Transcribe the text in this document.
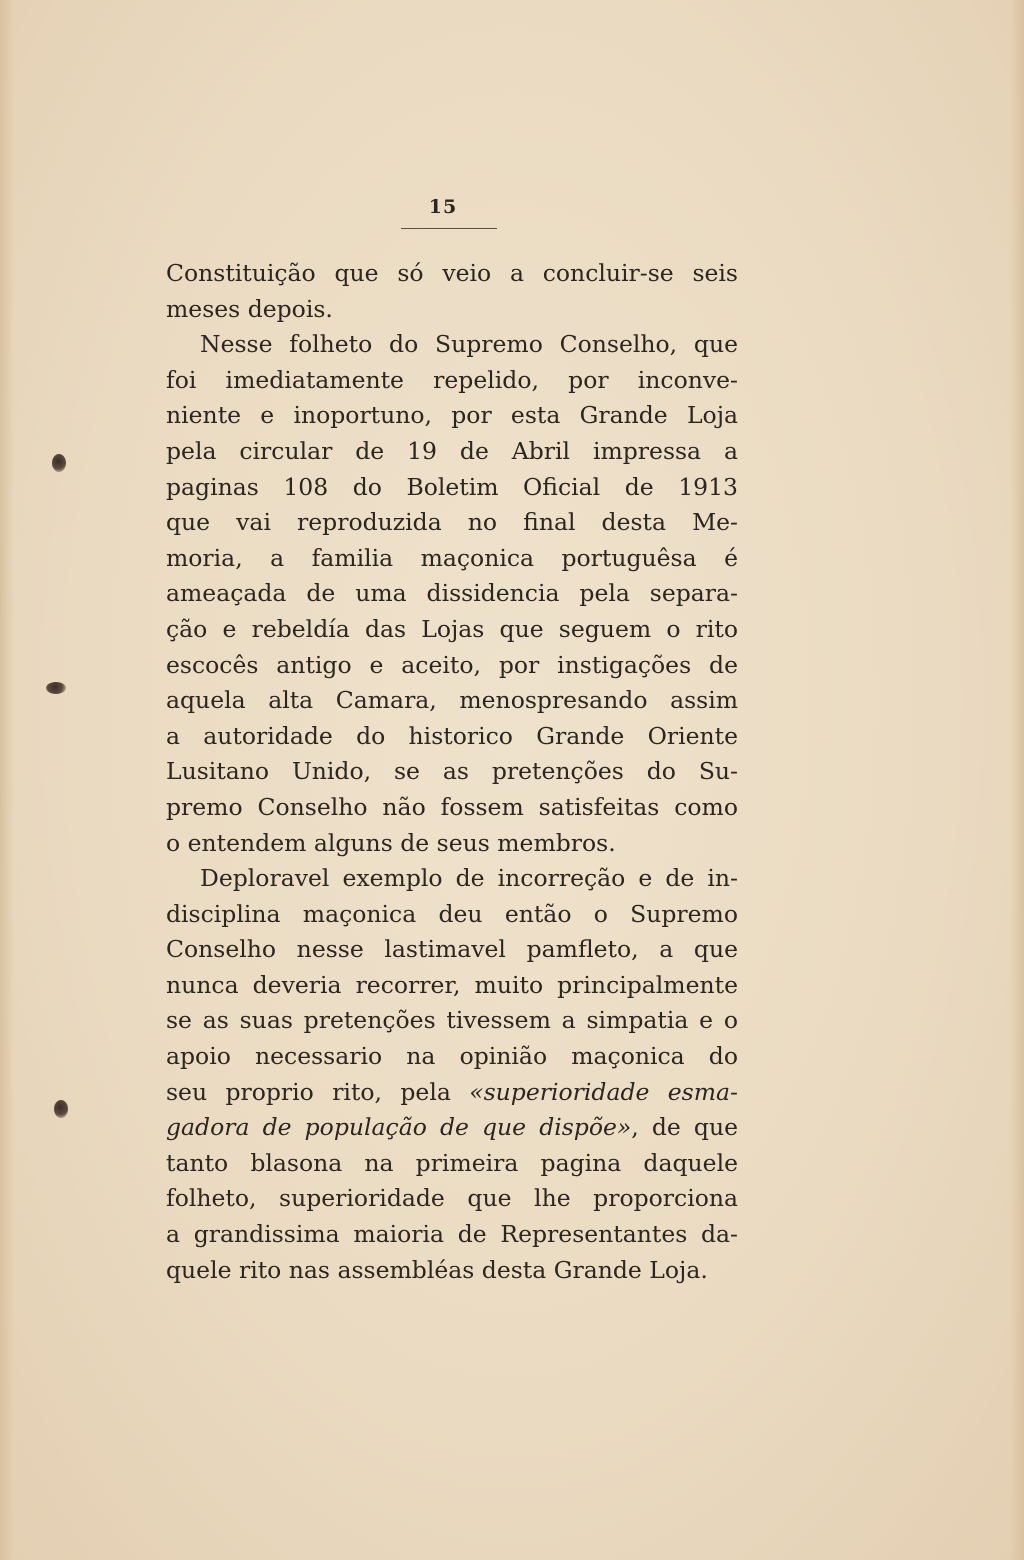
15
Constituição que só veio a concluir-se seis
meses depois.
Nesse folheto do Supremo Conselho, que
foi imediatamente repelido, por inconve-
niente e inoportuno, por esta Grande Loja
pela circular de 19 de Abril impressa a
paginas 108 do Boletim Oficial de 1913
que vai reproduzida no final desta Me-
moria, a familia maçonica portuguêsa é
ameaçada de uma dissidencia pela separa-
ção e rebeldía das Lojas que seguem o rito
escocês antigo e aceito, por instigações de
aquela alta Camara, menospresando assim
a autoridade do historico Grande Oriente
Lusitano Unido, se as pretenções do Su-
premo Conselho não fossem satisfeitas como
o entendem alguns de seus membros.
Deploravel exemplo de incorreção e de in-
disciplina maçonica deu então o Supremo
Conselho nesse lastimavel pamfleto, a que
nunca deveria recorrer, muito principalmente
se as suas pretenções tivessem a simpatia e o
apoio necessario na opinião maçonica do
seu proprio rito, pela «superioridade esma-
gadora de população de que dispõe», de que
tanto blasona na primeira pagina daquele
folheto, superioridade que lhe proporciona
a grandissima maioria de Representantes da-
quele rito nas assembléas desta Grande Loja.
